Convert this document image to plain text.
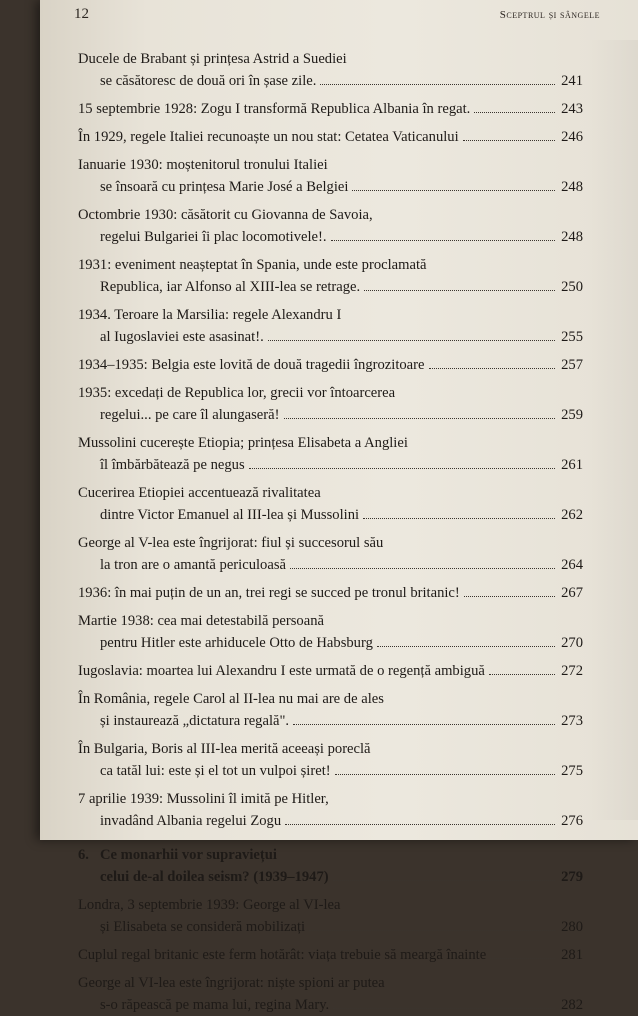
12	Sceptrul și sângele
Ducele de Brabant și prințesa Astrid a Suediei
se căsătoresc de două ori în șase zile.	241
15 septembrie 1928: Zogu I transformă Republica Albania în regat.	243
În 1929, regele Italiei recunoaște un nou stat: Cetatea Vaticanului	246
Ianuarie 1930: moștenitorul tronului Italiei
se însoară cu prințesa Marie José a Belgiei	248
Octombrie 1930: căsătorit cu Giovanna de Savoia,
regelui Bulgariei îi plac locomotivele!.	248
1931: eveniment neașteptat în Spania, unde este proclamată
Republica, iar Alfonso al XIII-lea se retrage.	250
1934. Teroare la Marsilia: regele Alexandru I
al Iugoslaviei este asasinat!.	255
1934–1935: Belgia este lovită de două tragedii îngrozitoare	257
1935: excedați de Republica lor, grecii vor întoarcerea
regelui... pe care îl alungaseră!	259
Mussolini cucerește Etiopia; prințesa Elisabeta a Angliei
îl îmbărbătează pe negus	261
Cucerirea Etiopiei accentuează rivalitatea
dintre Victor Emanuel al III-lea și Mussolini	262
George al V-lea este îngrijorat: fiul și succesorul său
la tron are o amantă periculoasă	264
1936: în mai puțin de un an, trei regi se succed pe tronul britanic!	267
Martie 1938: cea mai detestabilă persoană
pentru Hitler este arhiducele Otto de Habsburg	270
Iugoslavia: moartea lui Alexandru I este urmată de o regență ambiguă	272
În România, regele Carol al II-lea nu mai are de ales
și instaurează „dictatura regală".	273
În Bulgaria, Boris al III-lea merită aceeași poreclă
ca tatăl lui: este și el tot un vulpoi șiret!	275
7 aprilie 1939: Mussolini îl imită pe Hitler,
invadând Albania regelui Zogu	276
6. Ce monarhii vor supraviețui
celui de-al doilea seism? (1939–1947)	279
Londra, 3 septembrie 1939: George al VI-lea
și Elisabeta se consideră mobilizați	280
Cuplul regal britanic este ferm hotărât: viața trebuie să meargă înainte	281
George al VI-lea este îngrijorat: niște spioni ar putea
s-o răpească pe mama lui, regina Mary.	282
